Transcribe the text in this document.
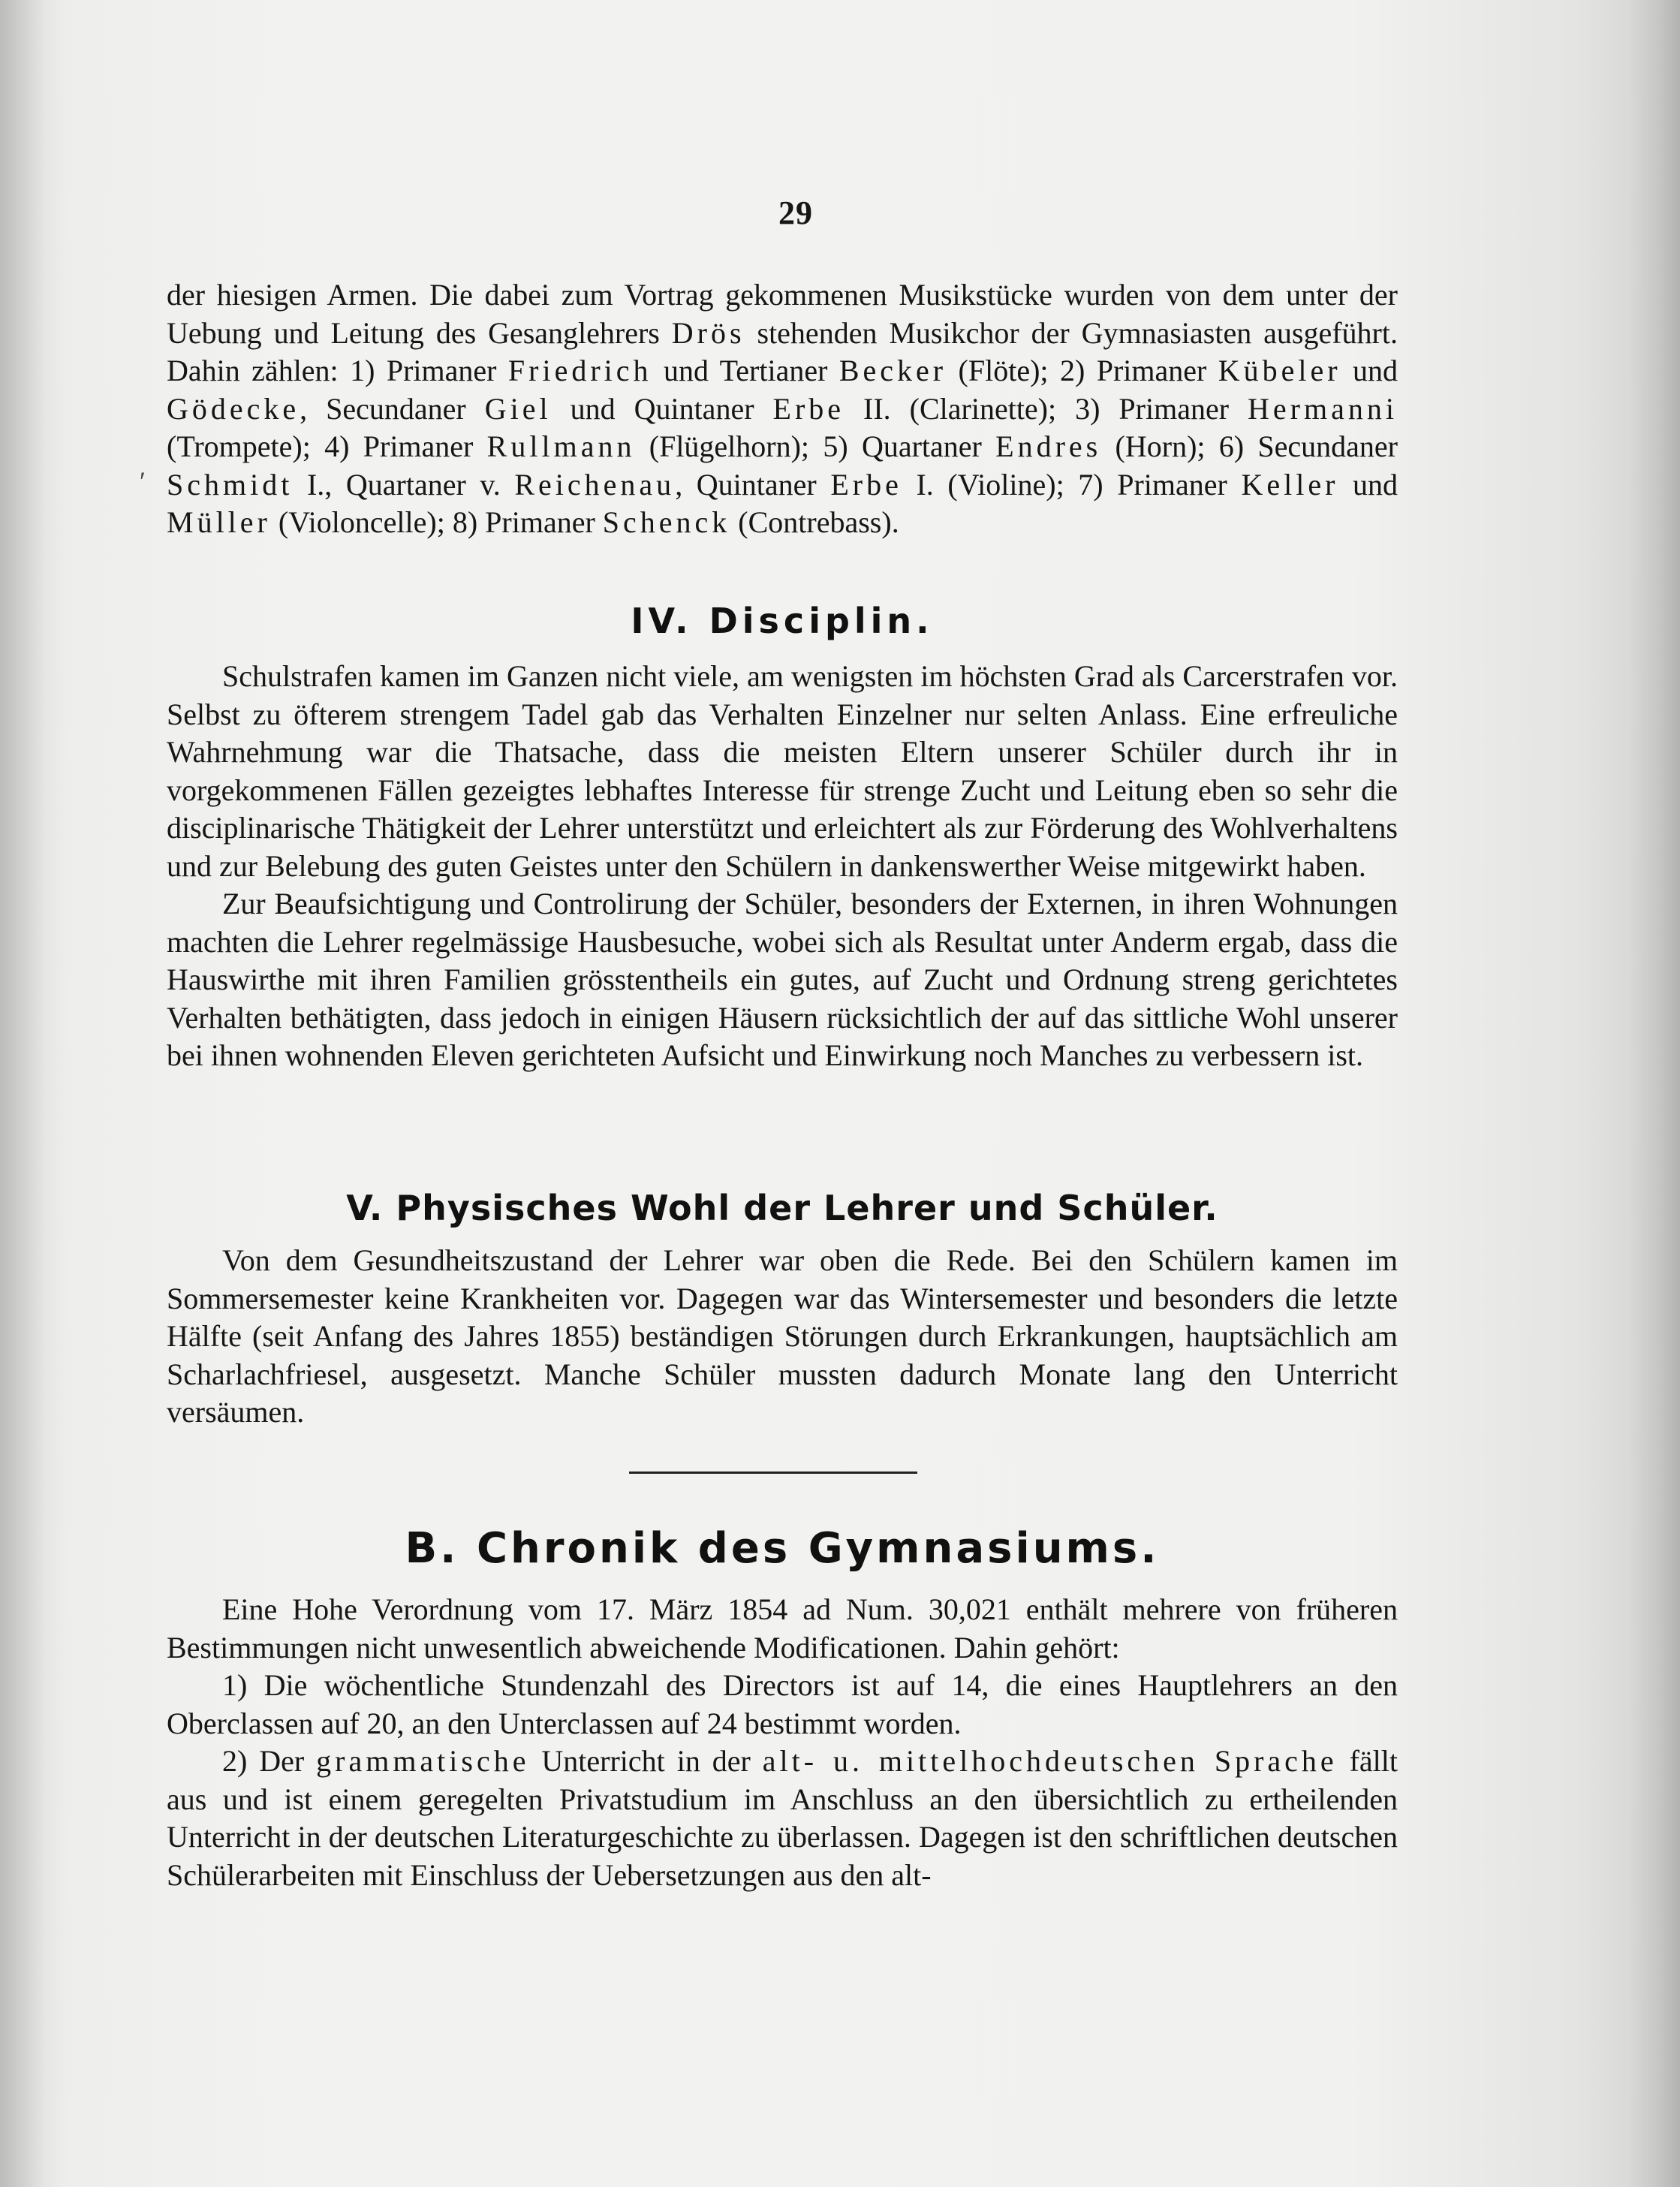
29
ʹ

der hiesigen Armen. Die dabei zum Vortrag gekommenen Musikstücke wurden von dem unter der Uebung und Leitung des Gesanglehrers Drös stehenden Musikchor der Gymnasiasten ausgeführt. Dahin zählen: 1) Primaner Friedrich und Tertianer Becker (Flöte); 2) Primaner Kübeler und Gödecke, Secundaner Giel und Quintaner Erbe II. (Clarinette); 3) Primaner Hermanni (Trompete); 4) Primaner Rullmann (Flügelhorn); 5) Quartaner Endres (Horn); 6) Secundaner Schmidt I., Quartaner v. Reichenau, Quintaner Erbe I. (Violine); 7) Primaner Keller und Müller (Violoncelle); 8) Primaner Schenck (Contrebass).

IV. Disciplin.

Schulstrafen kamen im Ganzen nicht viele, am wenigsten im höchsten Grad als Carcerstrafen vor. Selbst zu öfterem strengem Tadel gab das Verhalten Einzelner nur selten Anlass. Eine erfreuliche Wahrnehmung war die Thatsache, dass die meisten Eltern unserer Schüler durch ihr in vorgekommenen Fällen gezeigtes lebhaftes Interesse für strenge Zucht und Leitung eben so sehr die disciplinarische Thätigkeit der Lehrer unterstützt und erleichtert als zur Förderung des Wohlverhaltens und zur Belebung des guten Geistes unter den Schülern in dankenswerther Weise mitgewirkt haben.

Zur Beaufsichtigung und Controlirung der Schüler, besonders der Externen, in ihren Wohnungen machten die Lehrer regelmässige Hausbesuche, wobei sich als Resultat unter Anderm ergab, dass die Hauswirthe mit ihren Familien grösstentheils ein gutes, auf Zucht und Ordnung streng gerichtetes Verhalten bethätigten, dass jedoch in einigen Häusern rücksichtlich der auf das sittliche Wohl unserer bei ihnen wohnenden Eleven gerichteten Aufsicht und Einwirkung noch Manches zu verbessern ist.

V. Physisches Wohl der Lehrer und Schüler.

Von dem Gesundheitszustand der Lehrer war oben die Rede. Bei den Schülern kamen im Sommersemester keine Krankheiten vor. Dagegen war das Wintersemester und besonders die letzte Hälfte (seit Anfang des Jahres 1855) beständigen Störungen durch Erkrankungen, hauptsächlich am Scharlachfriesel, ausgesetzt. Manche Schüler mussten dadurch Monate lang den Unterricht versäumen.

B. Chronik des Gymnasiums.

Eine Hohe Verordnung vom 17. März 1854 ad Num. 30,021 enthält mehrere von früheren Bestimmungen nicht unwesentlich abweichende Modificationen. Dahin gehört:

1) Die wöchentliche Stundenzahl des Directors ist auf 14, die eines Hauptlehrers an den Oberclassen auf 20, an den Unterclassen auf 24 bestimmt worden.

2) Der grammatische Unterricht in der alt- u. mittelhochdeutschen Sprache fällt aus und ist einem geregelten Privatstudium im Anschluss an den übersichtlich zu ertheilenden Unterricht in der deutschen Literaturgeschichte zu überlassen. Dagegen ist den schriftlichen deutschen Schülerarbeiten mit Einschluss der Uebersetzungen aus den alt-
